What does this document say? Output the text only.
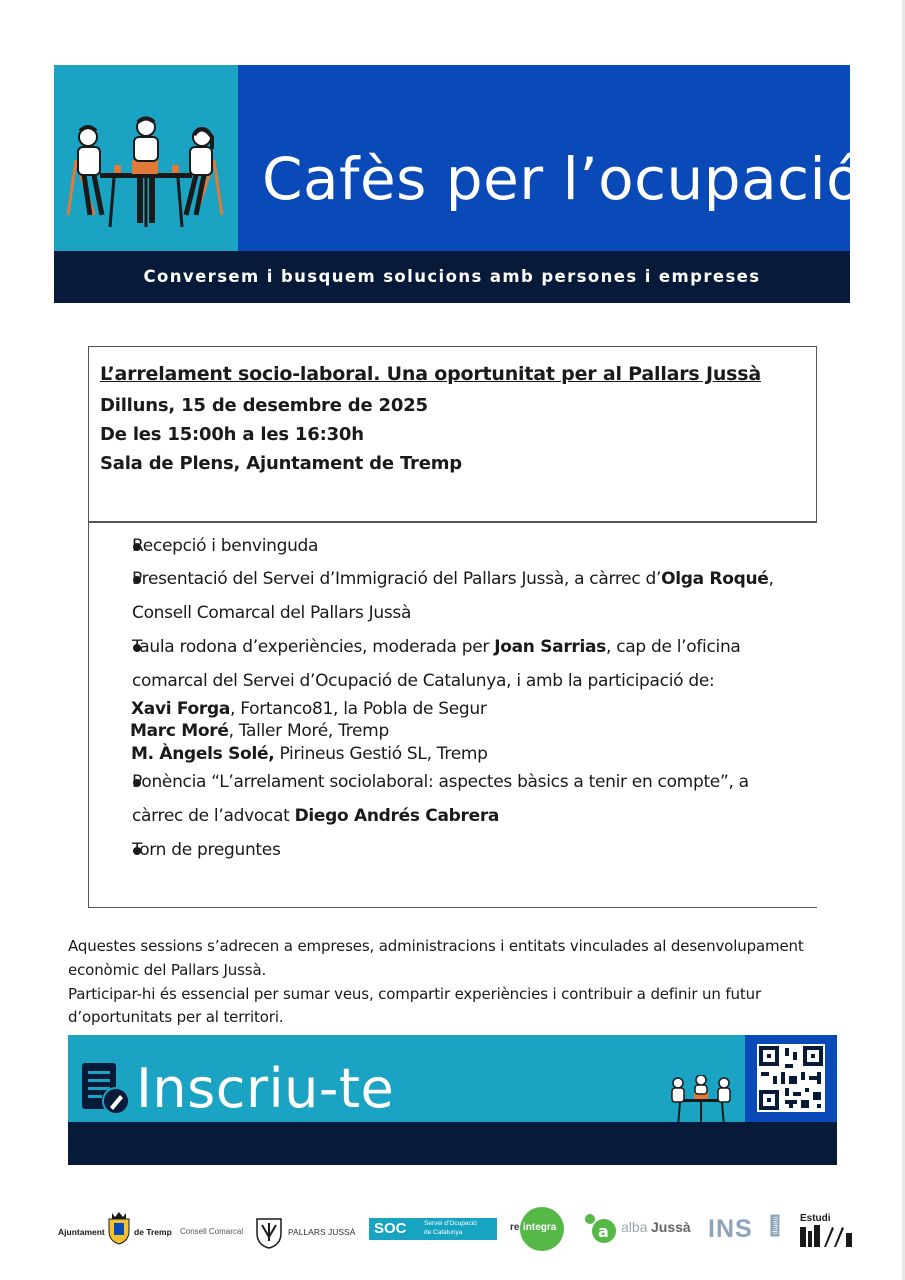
Cafès per l’ocupació
Conversem i busquem solucions amb persones i empreses
L’arrelament socio-laboral. Una oportunitat per al Pallars Jussà
Dilluns, 15 de desembre de 2025
De les 15:00h a les 16:30h
Sala de Plens, Ajuntament de Tremp
Recepció i benvinguda
Presentació del Servei d’Immigració del Pallars Jussà, a càrrec d’Olga Roqué,
Consell Comarcal del Pallars Jussà
Taula rodona d’experiències, moderada per Joan Sarrias, cap de l’oficina
comarcal del Servei d’Ocupació de Catalunya, i amb la participació de:
Xavi Forga, Fortanco81, la Pobla de Segur
Marc Moré, Taller Moré, Tremp
M. Àngels Solé, Pirineus Gestió SL, Tremp
Ponència “L’arrelament sociolaboral: aspectes bàsics a tenir en compte”, a
càrrec de l’advocat Diego Andrés Cabrera
Torn de preguntes
Aquestes sessions s’adrecen a empreses, administracions i entitats vinculades al desenvolupament
econòmic del Pallars Jussà.
Participar-hi és essencial per sumar veus, compartir experiències i contribuir a definir un futur
d’oportunitats per al territori.
Inscriu-te
Ajuntament	de Tremp Consell Comarcal	PALLARS JUSSÀ SOC	Servei d’Ocupació
de Catalunya	re integra	a alba Jussà INS	tremp Estudi
